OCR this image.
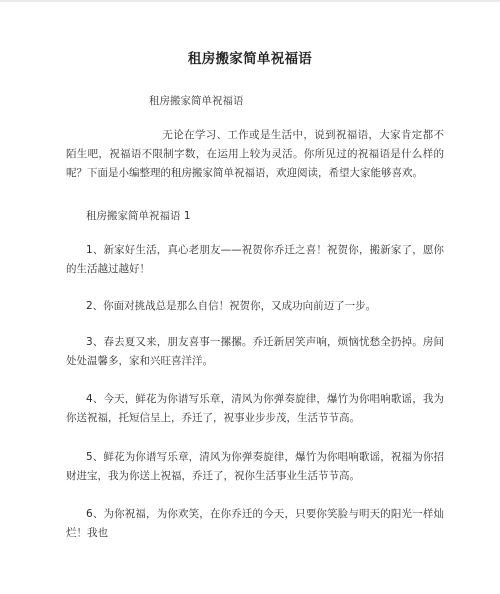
租房搬家简单祝福语
租房搬家简单祝福语
无论在学习、工作或是生活中，说到祝福语，大家肯定都不陌生吧，祝福语不限制字数，在运用上较为灵活。你所见过的祝福语是什么样的呢？下面是小编整理的租房搬家简单祝福语，欢迎阅读，希望大家能够喜欢。
租房搬家简单祝福语 1
1、新家好生活，真心老朋友——祝贺你乔迁之喜！祝贺你，搬新家了，愿你的生活越过越好！
2、你面对挑战总是那么自信！祝贺你，又成功向前迈了一步。
3、春去夏又来，朋友喜事一摞摞。乔迁新居笑声响，烦恼忧愁全扔掉。房间处处温馨多，家和兴旺喜洋洋。
4、今天，鲜花为你谱写乐章，清风为你弹奏旋律，爆竹为你唱响歌谣，我为你送祝福，托短信呈上，乔迁了，祝事业步步茂，生活节节高。
5、鲜花为你谱写乐章，清风为你弹奏旋律，爆竹为你唱响歌谣，祝福为你招财进宝，我为你送上祝福，乔迁了，祝你生活事业生活节节高。
6、为你祝福，为你欢笑，在你乔迁的今天，只要你笑脸与明天的阳光一样灿烂！我也
